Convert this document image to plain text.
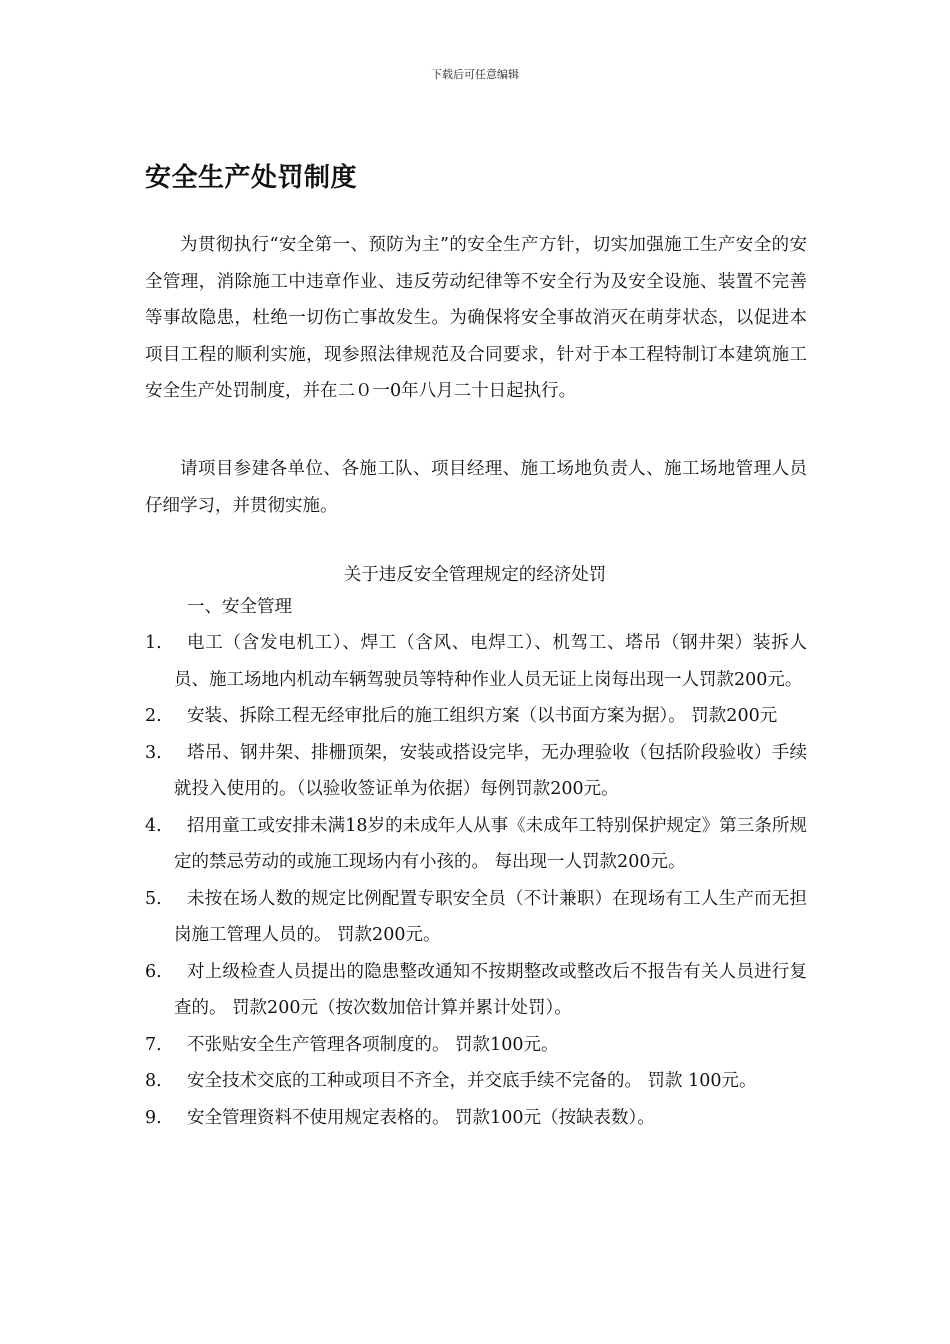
下载后可任意编辑
安全生产处罚制度

为贯彻执行“安全第一、预防为主”的安全生产方针，切实加强施工生产安全的安全管理，消除施工中违章作业、违反劳动纪律等不安全行为及安全设施、装置不完善等事故隐患，杜绝一切伤亡事故发生。为确保将安全事故消灭在萌芽状态，以促进本项目工程的顺利实施，现参照法律规范及合同要求，针对于本工程特制订本建筑施工安全生产处罚制度，并在二０一0年八月二十日起执行。

请项目参建各单位、各施工队、项目经理、施工场地负责人、施工场地管理人员仔细学习，并贯彻实施。

关于违反安全管理规定的经济处罚
一、安全管理
1.	电工（含发电机工）、焊工（含风、电焊工）、机驾工、塔吊（钢井架）装拆人员、施工场地内机动车辆驾驶员等特种作业人员无证上岗每出现一人罚款200元。
2.	安装、拆除工程无经审批后的施工组织方案（以书面方案为据）。 罚款200元
3.	塔吊、钢井架、排栅顶架，安装或搭设完毕，无办理验收（包括阶段验收）手续就投入使用的。（以验收签证单为依据）每例罚款200元。
4.	招用童工或安排未满18岁的未成年人从事《未成年工特别保护规定》第三条所规定的禁忌劳动的或施工现场内有小孩的。 每出现一人罚款200元。
5.	未按在场人数的规定比例配置专职安全员（不计兼职）在现场有工人生产而无担岗施工管理人员的。 罚款200元。
6.	对上级检查人员提出的隐患整改通知不按期整改或整改后不报告有关人员进行复查的。 罚款200元（按次数加倍计算并累计处罚）。
7.	不张贴安全生产管理各项制度的。 罚款100元。
8.	安全技术交底的工种或项目不齐全，并交底手续不完备的。 罚款 100元。
9.	安全管理资料不使用规定表格的。 罚款100元（按缺表数）。
